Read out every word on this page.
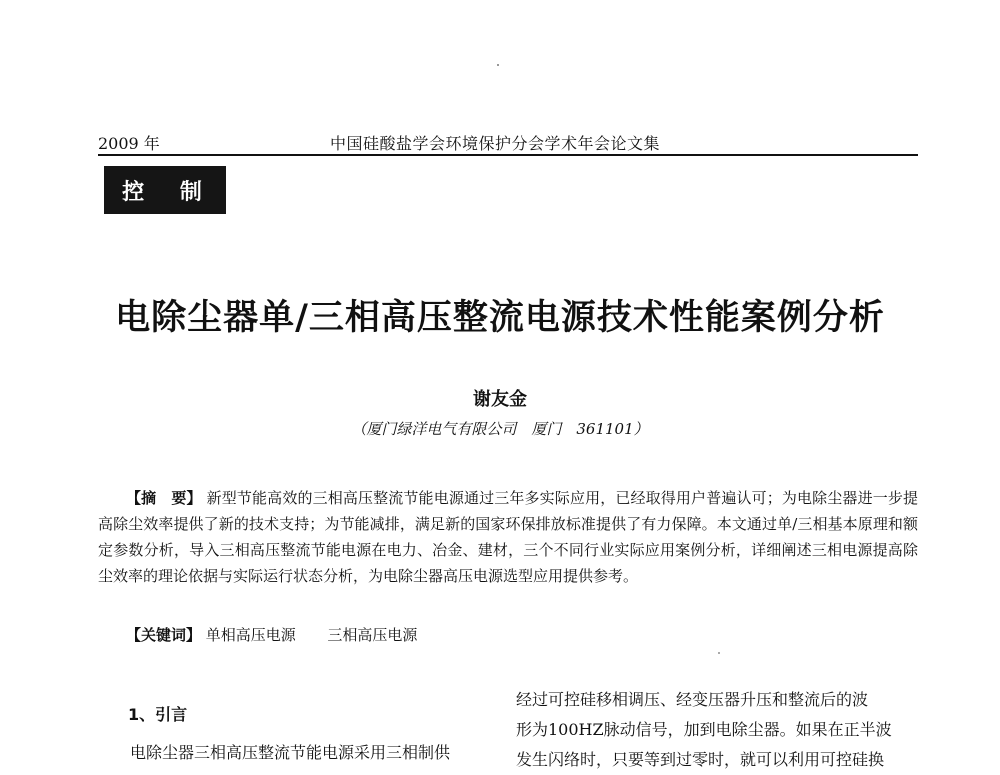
2009 年	中国硅酸盐学会环境保护分会学术年会论文集
控 制
电除尘器单/三相高压整流电源技术性能案例分析
谢友金
（厦门绿洋电气有限公司　厦门　361101）
【摘　要】 新型节能高效的三相高压整流节能电源通过三年多实际应用，已经取得用户普遍认可；为电除尘器进一步提高除尘效率提供了新的技术支持；为节能减排，满足新的国家环保排放标准提供了有力保障。本文通过单/三相基本原理和额定参数分析，导入三相高压整流节能电源在电力、冶金、建材，三个不同行业实际应用案例分析，详细阐述三相电源提高除尘效率的理论依据与实际运行状态分析，为电除尘器高压电源选型应用提供参考。
【关键词】 单相高压电源 三相高压电源
1、引言
电除尘器三相高压整流节能电源采用三相制供
经过可控硅移相调压、经变压器升压和整流后的波
形为100HZ脉动信号，加到电除尘器。如果在正半波
发生闪络时，只要等到过零时，就可以利用可控硅换
